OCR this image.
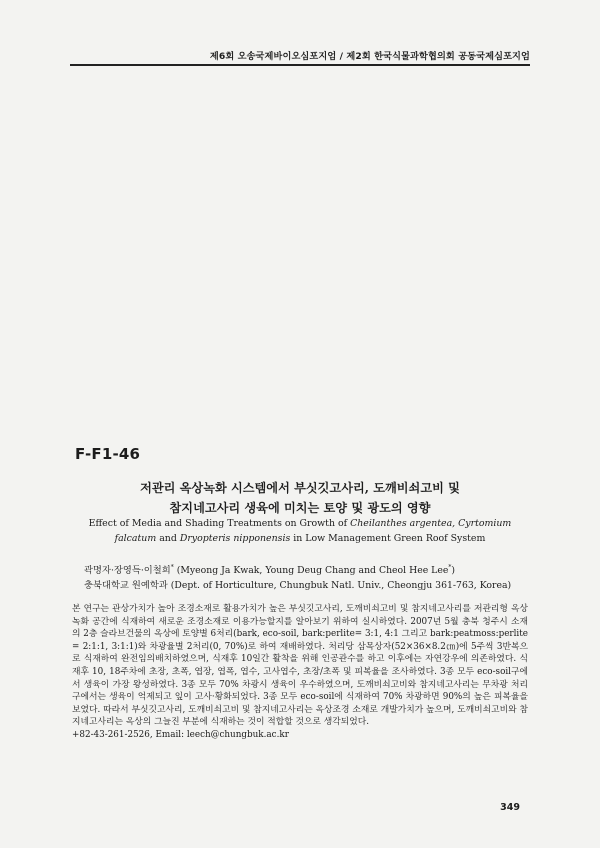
제6회 오송국제바이오심포지엄 / 제2회 한국식물과학협의회 공동국제심포지엄
F-F1-46
저관리 옥상녹화 시스템에서 부싯깃고사리, 도깨비쇠고비 및
참지네고사리 생육에 미치는 토양 및 광도의 영향
Effect of Media and Shading Treatments on Growth of Cheilanthes argentea, Cyrtomium falcatum and Dryopteris nipponensis in Low Management Green Roof System
곽명자·장영득·이철희* (Myeong Ja Kwak, Young Deug Chang and Cheol Hee Lee*)
충북대학교 원예학과 (Dept. of Horticulture, Chungbuk Natl. Univ., Cheongju 361-763, Korea)

본 연구는 관상가치가 높아 조경소재로 활용가치가 높은 부싯깃고사리, 도깨비쇠고비 및 참지네고사리를 저관리형 옥상녹화 공간에 식재하여 새로운 조경소재로 이용가능할지를 알아보기 위하여 실시하였다. 2007년 5월 충북 청주시 소재의 2층 슬라브건물의 옥상에 토양별 6처리(bark, eco-soil, bark:perlite= 3:1, 4:1 그리고 bark:peatmoss:perlite = 2:1:1, 3:1:1)와 차광율별 2처리(0, 70%)로 하여 재배하였다. 처리당 삼목상자(52×36×8.2㎝)에 5주씩 3반복으로 식재하여 완전임의배치하였으며, 식재후 10일간 활착을 위해 인공관수를 하고 이후에는 자연강우에 의존하였다. 식재후 10, 18주차에 초장, 초폭, 엽장, 엽폭, 엽수, 고사엽수, 초장/초폭 및 피복율을 조사하였다. 3종 모두 eco-soil구에서 생육이 가장 왕성하였다. 3종 모두 70% 차광시 생육이 우수하였으며, 도깨비쇠고비와 참지네고사리는 무차광 처리구에서는 생육이 억제되고 잎이 고사·황화되었다. 3종 모두 eco-soil에 식재하여 70% 차광하면 90%의 높은 피복율을 보였다. 따라서 부싯깃고사리, 도깨비쇠고비 및 참지네고사리는 옥상조경 소재로 개발가치가 높으며, 도깨비쇠고비와 참지네고사리는 옥상의 그늘진 부분에 식재하는 것이 적합할 것으로 생각되었다.

+82-43-261-2526, Email: leech@chungbuk.ac.kr

349
